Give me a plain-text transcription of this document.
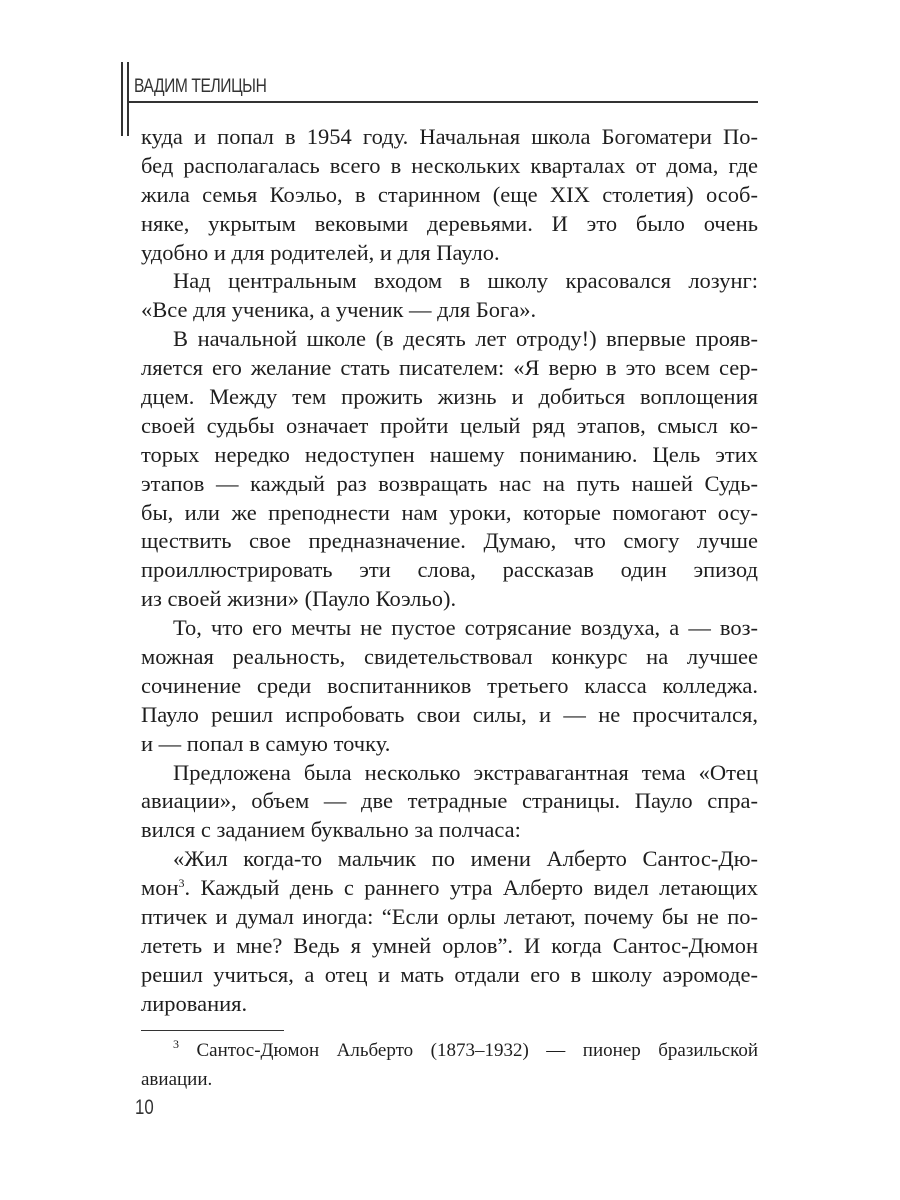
ВАДИМ ТЕЛИЦЫН
куда и попал в 1954 году. Начальная школа Богоматери По-
бед располагалась всего в нескольких кварталах от дома, где
жила семья Коэльо, в старинном (еще XIX столетия) особ-
няке, укрытым вековыми деревьями. И это было очень
удобно и для родителей, и для Пауло.
Над центральным входом в школу красовался лозунг:
«Все для ученика, а ученик — для Бога».
В начальной школе (в десять лет отроду!) впервые прояв-
ляется его желание стать писателем: «Я верю в это всем сер-
дцем. Между тем прожить жизнь и добиться воплощения
своей судьбы означает пройти целый ряд этапов, смысл ко-
торых нередко недоступен нашему пониманию. Цель этих
этапов — каждый раз возвращать нас на путь нашей Судь-
бы, или же преподнести нам уроки, которые помогают осу-
ществить свое предназначение. Думаю, что смогу лучше
проиллюстрировать эти слова, рассказав один эпизод
из своей жизни» (Пауло Коэльо).
То, что его мечты не пустое сотрясание воздуха, а — воз-
можная реальность, свидетельствовал конкурс на лучшее
сочинение среди воспитанников третьего класса колледжа.
Пауло решил испробовать свои силы, и — не просчитался,
и — попал в самую точку.
Предложена была несколько экстравагантная тема «Отец
авиации», объем — две тетрадные страницы. Пауло спра-
вился с заданием буквально за полчаса:
«Жил когда-то мальчик по имени Алберто Сантос-Дю-
мон$^3$. Каждый день с раннего утра Алберто видел летающих
птичек и думал иногда: “Если орлы летают, почему бы не по-
лететь и мне? Ведь я умней орлов”. И когда Сантос-Дюмон
решил учиться, а отец и мать отдали его в школу аэромоде-
лирования.
$^3$ Сантос-Дюмон Альберто (1873–1932) — пионер бразильской
авиации.
10
